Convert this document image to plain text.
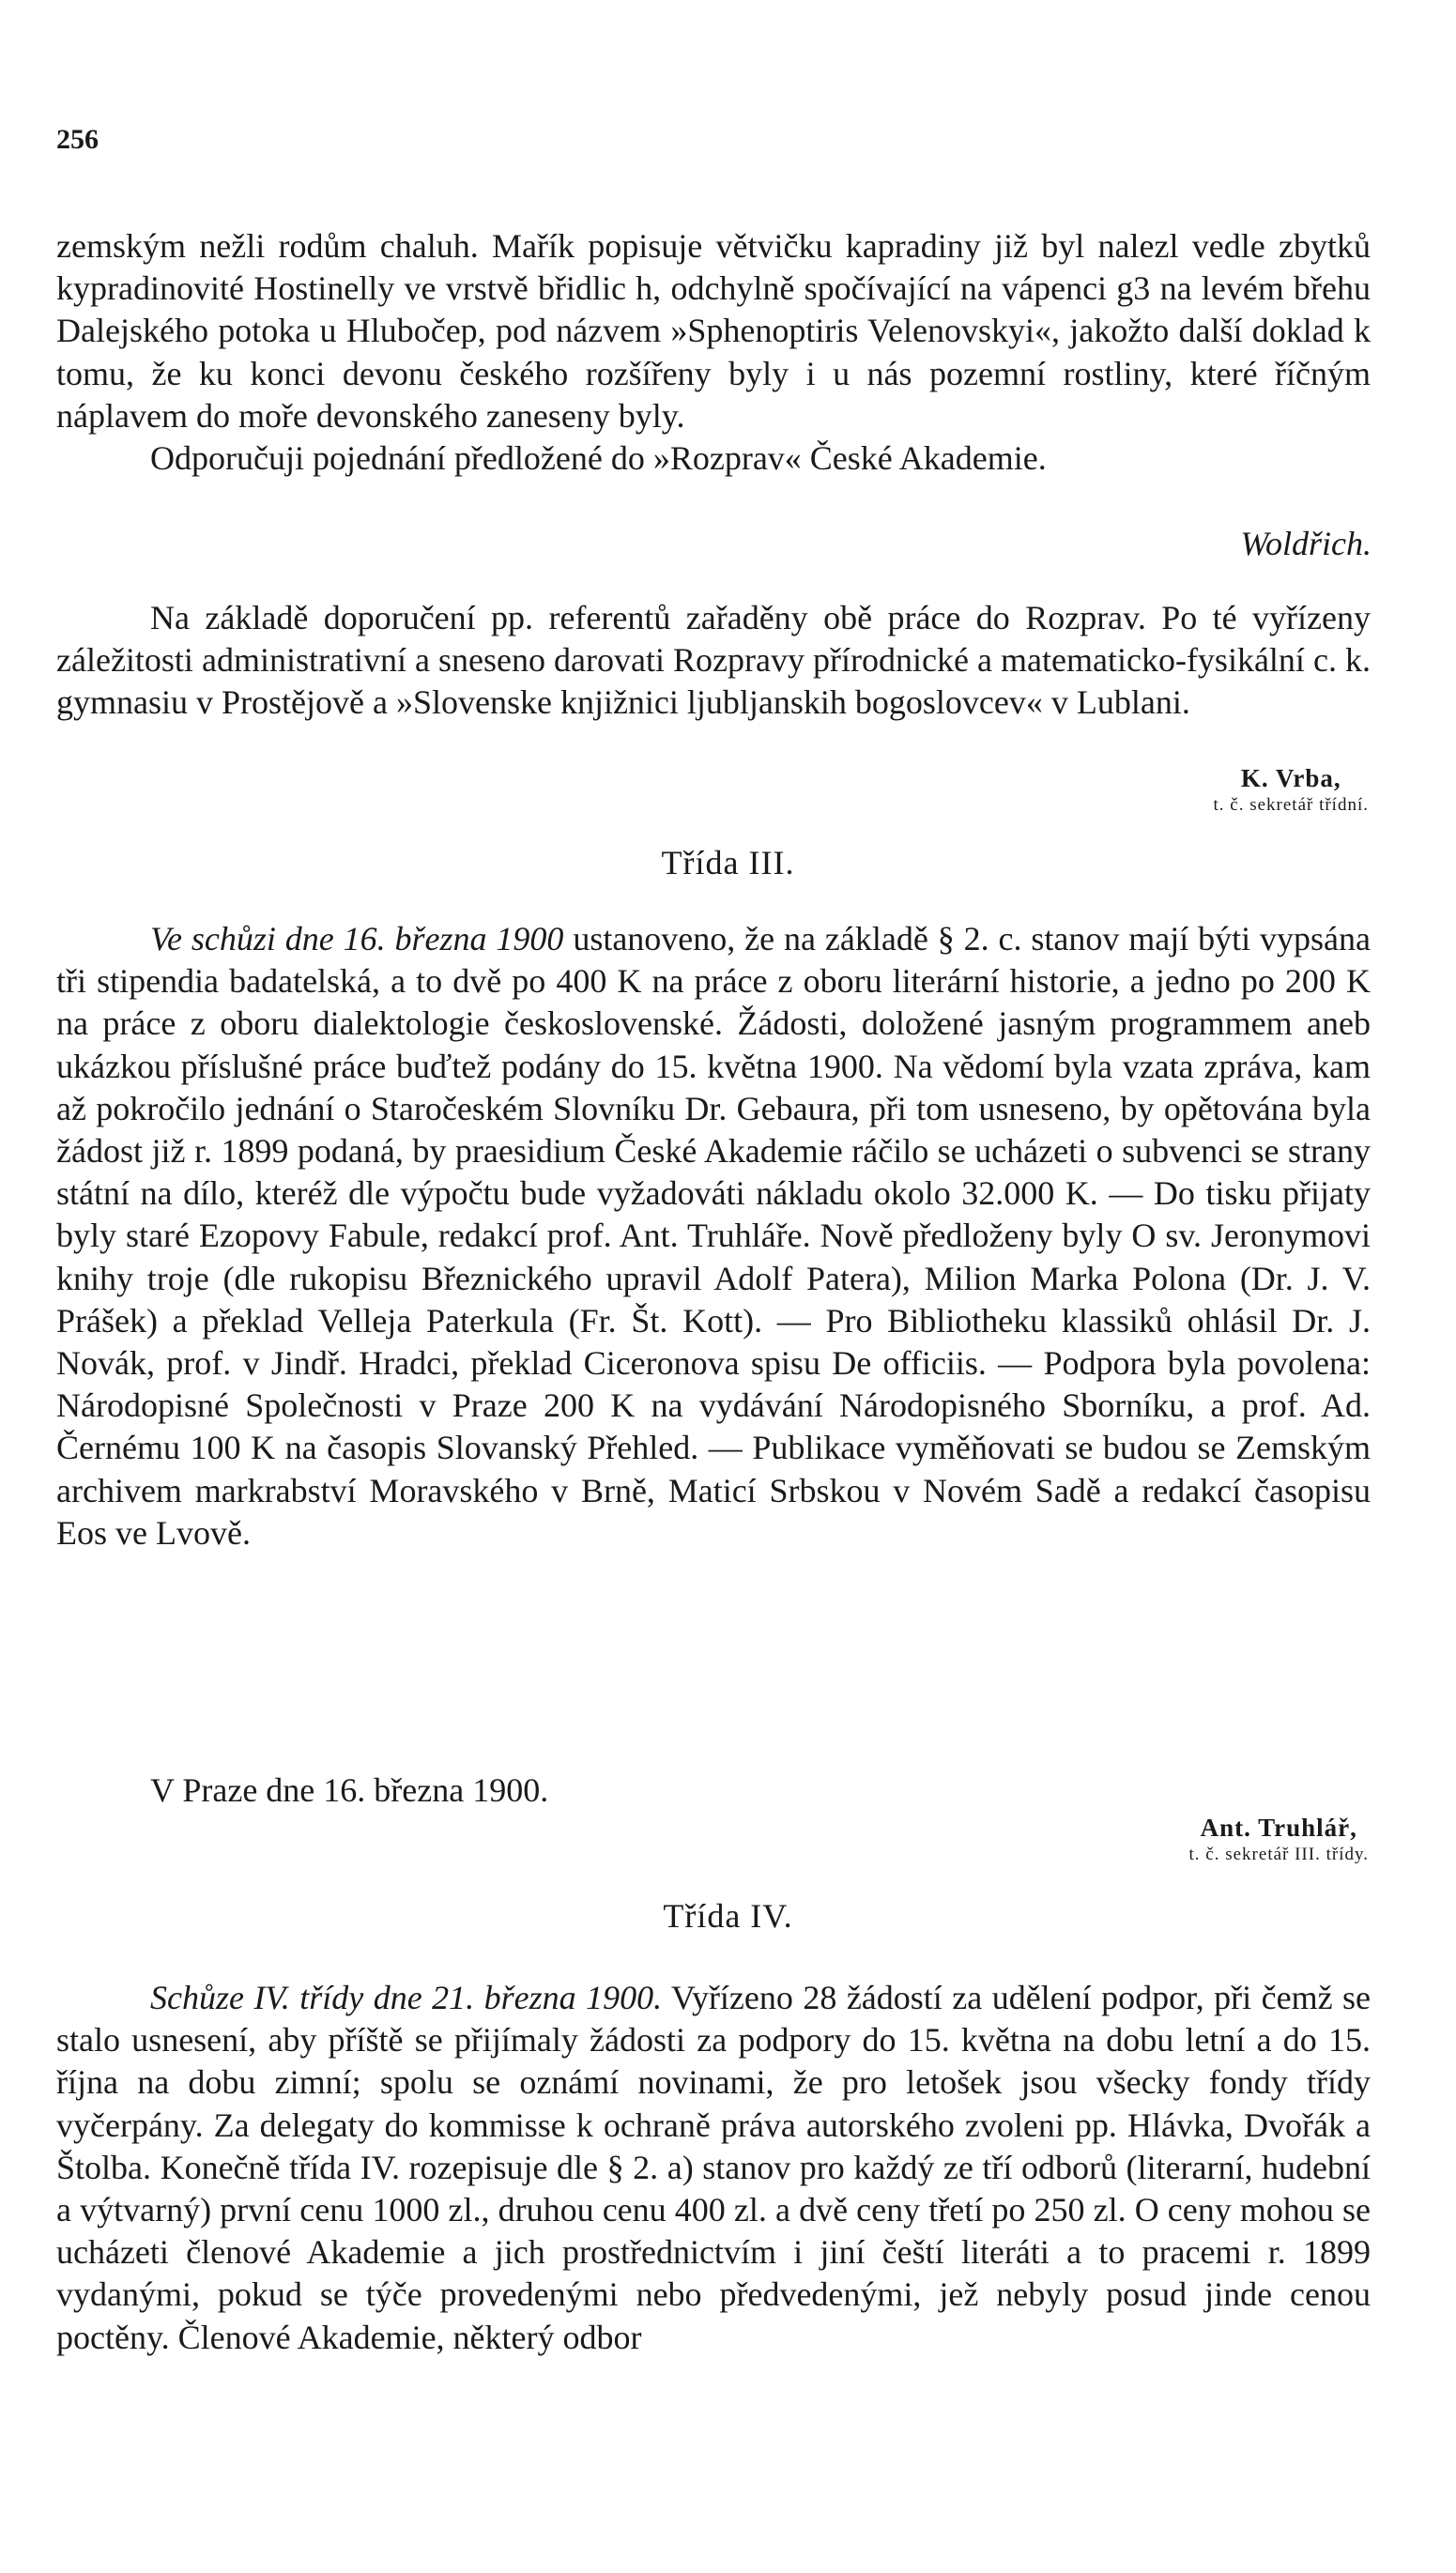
256

zemským nežli rodům chaluh. Mařík popisuje větvičku kapradiny již byl nalezl vedle zbytků kypradinovité Hostinelly ve vrstvě břidlic h, odchylně spočívající na vápenci g3 na levém břehu Dalejského potoka u Hlubočep, pod názvem »Sphenoptiris Velenovskyi«, jakožto další doklad k tomu, že ku konci devonu českého rozšířeny byly i u nás pozemní rostliny, které říčným náplavem do moře devonského zaneseny byly.

Odporučuji pojednání předložené do »Rozprav« České Akademie.

Woldřich.
Na základě doporučení pp. referentů zařaděny obě práce do Rozprav. Po té vyřízeny záležitosti administrativní a sneseno darovati Rozpravy přírodnické a matematicko-fysikální c. k. gymnasiu v Prostějově a »Slovenske knjižnici ljubljanskih bogoslovcev« v Lublani.
K. Vrba,
t. č. sekretář třídní.
Třída III.
Ve schůzi dne 16. března 1900 ustanoveno, že na základě § 2. c. stanov mají býti vypsána tři stipendia badatelská, a to dvě po 400 K na práce z oboru literární historie, a jedno po 200 K na práce z oboru dialektologie československé. Žádosti, doložené jasným programmem aneb ukázkou příslušné práce buďtež podány do 15. května 1900. Na vědomí byla vzata zpráva, kam až pokročilo jednání o Staročeském Slovníku Dr. Gebaura, při tom usneseno, by opětována byla žádost již r. 1899 podaná, by praesidium České Akademie ráčilo se ucházeti o subvenci se strany státní na dílo, kteréž dle výpočtu bude vyžadováti nákladu okolo 32.000 K. — Do tisku přijaty byly staré Ezopovy Fabule, redakcí prof. Ant. Truhláře. Nově předloženy byly O sv. Jeronymovi knihy troje (dle rukopisu Březnického upravil Adolf Patera), Milion Marka Polona (Dr. J. V. Prášek) a překlad Velleja Paterkula (Fr. Št. Kott). — Pro Bibliotheku klassiků ohlásil Dr. J. Novák, prof. v Jindř. Hradci, překlad Ciceronova spisu De officiis. — Podpora byla povolena: Národopisné Společnosti v Praze 200 K na vydávání Národopisného Sborníku, a prof. Ad. Černému 100 K na časopis Slovanský Přehled. — Publikace vyměňovati se budou se Zemským archivem markrabství Moravského v Brně, Maticí Srbskou v Novém Sadě a redakcí časopisu Eos ve Lvově.
V Praze dne 16. března 1900.
Ant. Truhlář,
t. č. sekretář III. třídy.
Třída IV.
Schůze IV. třídy dne 21. března 1900. Vyřízeno 28 žádostí za udělení podpor, při čemž se stalo usnesení, aby příště se přijímaly žádosti za podpory do 15. května na dobu letní a do 15. října na dobu zimní; spolu se oznámí novinami, že pro letošek jsou všecky fondy třídy vyčerpány. Za delegaty do kommisse k ochraně práva autorského zvoleni pp. Hlávka, Dvořák a Štolba. Konečně třída IV. rozepisuje dle § 2. a) stanov pro každý ze tří odborů (literarní, hudební a výtvarný) první cenu 1000 zl., druhou cenu 400 zl. a dvě ceny třetí po 250 zl. O ceny mohou se ucházeti členové Akademie a jich prostřednictvím i jiní čeští literáti a to pracemi r. 1899 vydanými, pokud se týče provedenými nebo předvedenými, jež nebyly posud jinde cenou poctěny. Členové Akademie, některý odbor
